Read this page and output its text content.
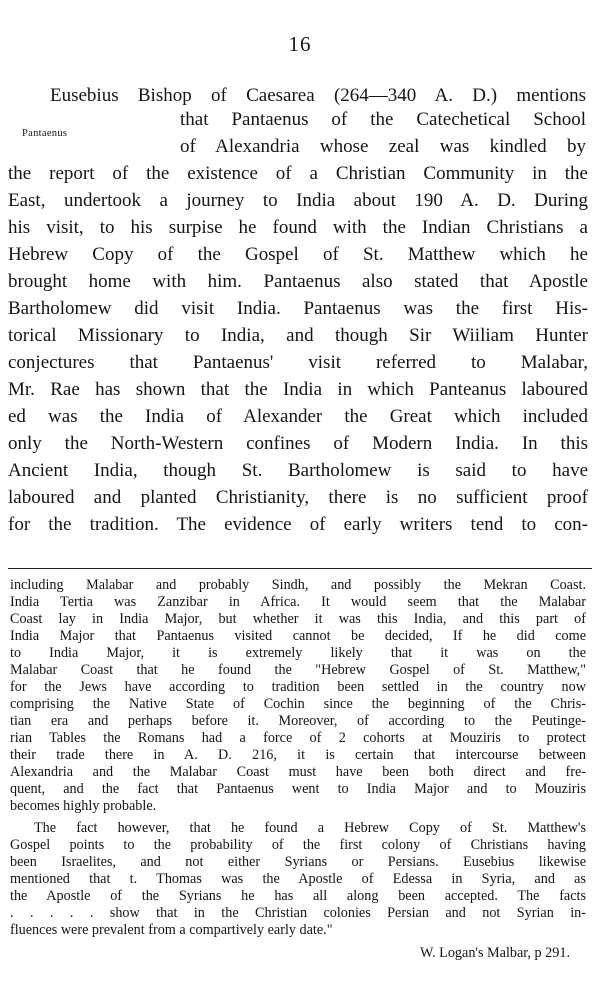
16
Pantaenus

Eusebius Bishop of Caesarea (264—340 A. D.) mentions

that Pantaenus of the Catechetical School

of Alexandria whose zeal was kindled by

the report of the existence of a Christian Community in the

East, undertook a journey to India about 190 A. D. During

his visit, to his surpise he found with the Indian Christians a

Hebrew Copy of the Gospel of St. Matthew which he

brought home with him. Pantaenus also stated that Apostle

Bartholomew did visit India. Pantaenus was the first His-

torical Missionary to India, and though Sir Wiiliam Hunter

conjectures that Pantaenus' visit referred to Malabar,

Mr. Rae has shown that the India in which Panteanus laboured

ed was the India of Alexander the Great which included

only the North-Western confines of Modern India. In this

Ancient India, though St. Bartholomew is said to have

laboured and planted Christianity, there is no sufficient proof

for the tradition. The evidence of early writers tend to con-

including Malabar and probably Sindh, and possibly the Mekran Coast.

India Tertia was Zanzibar in Africa. It would seem that the Malabar

Coast lay in India Major, but whether it was this India, and this part of

India Major that Pantaenus visited cannot be decided, If he did come

to India Major, it is extremely likely that it was on the

Malabar Coast that he found the "Hebrew Gospel of St. Matthew,"

for the Jews have according to tradition been settled in the country now

comprising the Native State of Cochin since the beginning of the Chris-

tian era and perhaps before it. Moreover, of according to the Peutinge-

rian Tables the Romans had a force of 2 cohorts at Mouziris to protect

their trade there in A. D. 216, it is certain that intercourse between

Alexandria and the Malabar Coast must have been both direct and fre-

quent, and the fact that Pantaenus went to India Major and to Mouziris

becomes highly probable.

The fact however, that he found a Hebrew Copy of St. Matthew's

Gospel points to the probability of the first colony of Christians having

been Israelites, and not either Syrians or Persians. Eusebius likewise

mentioned that t. Thomas was the Apostle of Edessa in Syria, and as

the Apostle of the Syrians he has all along been accepted. The facts

. . . . . show that in the Christian colonies Persian and not Syrian in-

fluences were prevalent from a compartively early date."

W. Logan's Malbar, p 291.
